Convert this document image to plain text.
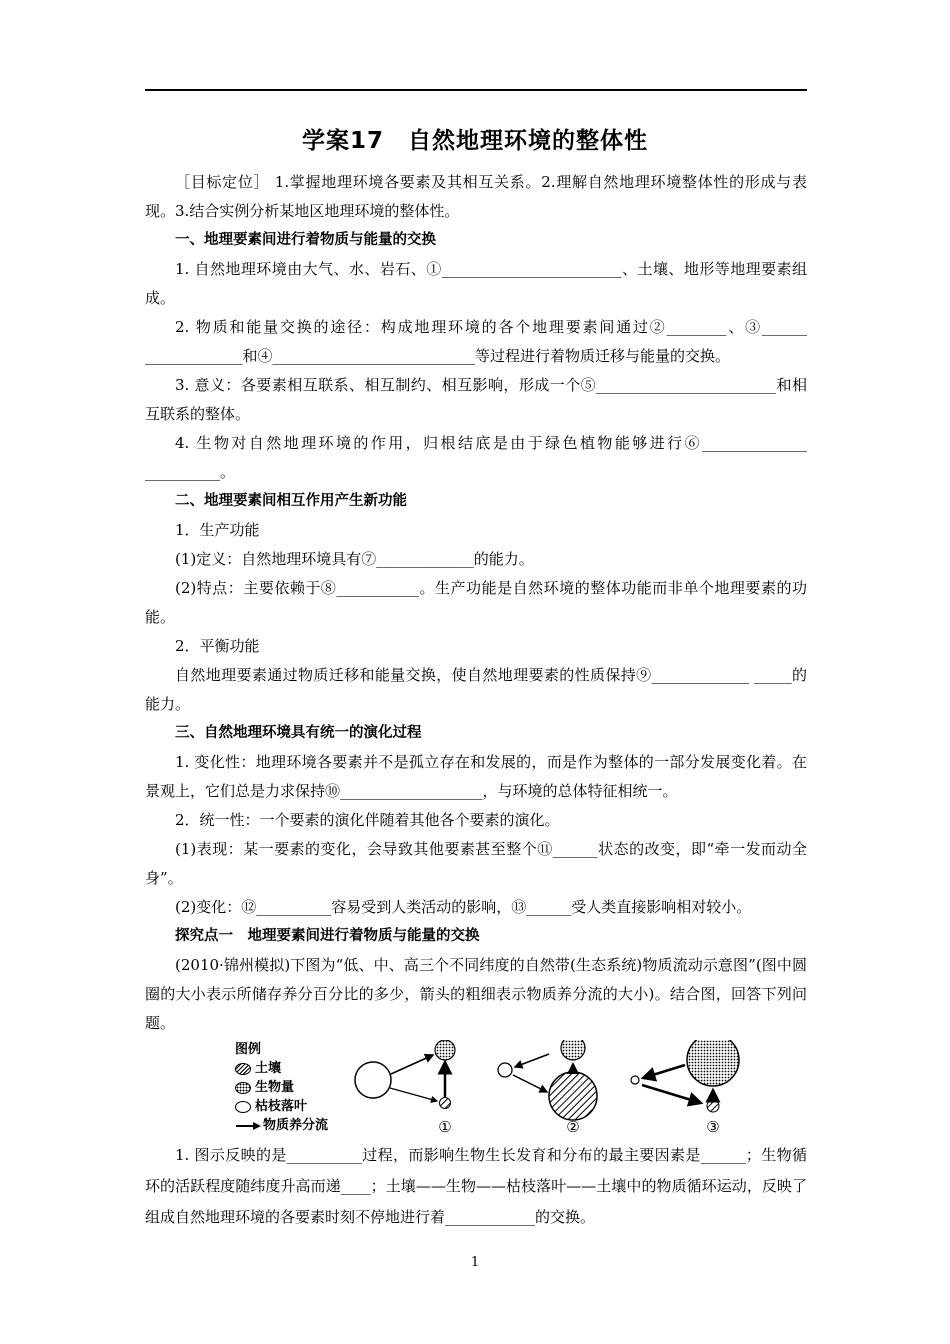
学案17　自然地理环境的整体性

［目标定位］ 1.掌握地理环境各要素及其相互关系。2.理解自然地理环境整体性的形成与表现。3.结合实例分析某地区地理环境的整体性。

一、地理要素间进行着物质与能量的交换

1. 自然地理环境由大气、水、岩石、①________________________、土壤、地形等地理要素组成。

2. 物质和能量交换的途径：构成地理环境的各个地理要素间通过②________、③______ _____________和④___________________________等过程进行着物质迁移与能量的交换。

3. 意义：各要素相互联系、相互制约、相互影响，形成一个⑤________________________和相互联系的整体。

4. 生物对自然地理环境的作用，归根结底是由于绿色植物能够进行⑥______________ __________。

二、地理要素间相互作用产生新功能

1．生产功能

(1)定义：自然地理环境具有⑦_____________的能力。

(2)特点：主要依赖于⑧___________。生产功能是自然环境的整体功能而非单个地理要素的功能。

2．平衡功能

自然地理要素通过物质迁移和能量交换，使自然地理要素的性质保持⑨_____________ _____的能力。

三、自然地理环境具有统一的演化过程

1. 变化性：地理环境各要素并不是孤立存在和发展的，而是作为整体的一部分发展变化着。在景观上，它们总是力求保持⑩___________________，与环境的总体特征相统一。

2．统一性：一个要素的演化伴随着其他各个要素的演化。

(1)表现：某一要素的变化，会导致其他要素甚至整个⑪______状态的改变，即“牵一发而动全身”。

(2)变化：⑫__________容易受到人类活动的影响，⑬______受人类直接影响相对较小。

探究点一　地理要素间进行着物质与能量的交换

(2010·锦州模拟)下图为“低、中、高三个不同纬度的自然带(生态系统)物质流动示意图”(图中圆圈的大小表示所储存养分百分比的多少，箭头的粗细表示物质养分流的大小)。结合图，回答下列问题。

图例
土壤
生物量
枯枝落叶
物质养分流	①	②	③

1. 图示反映的是__________过程，而影响生物生长发育和分布的最主要因素是______；生物循环的活跃程度随纬度升高而递____；土壤——生物——枯枝落叶——土壤中的物质循环运动，反映了组成自然地理环境的各要素时刻不停地进行着____________的交换。

1
